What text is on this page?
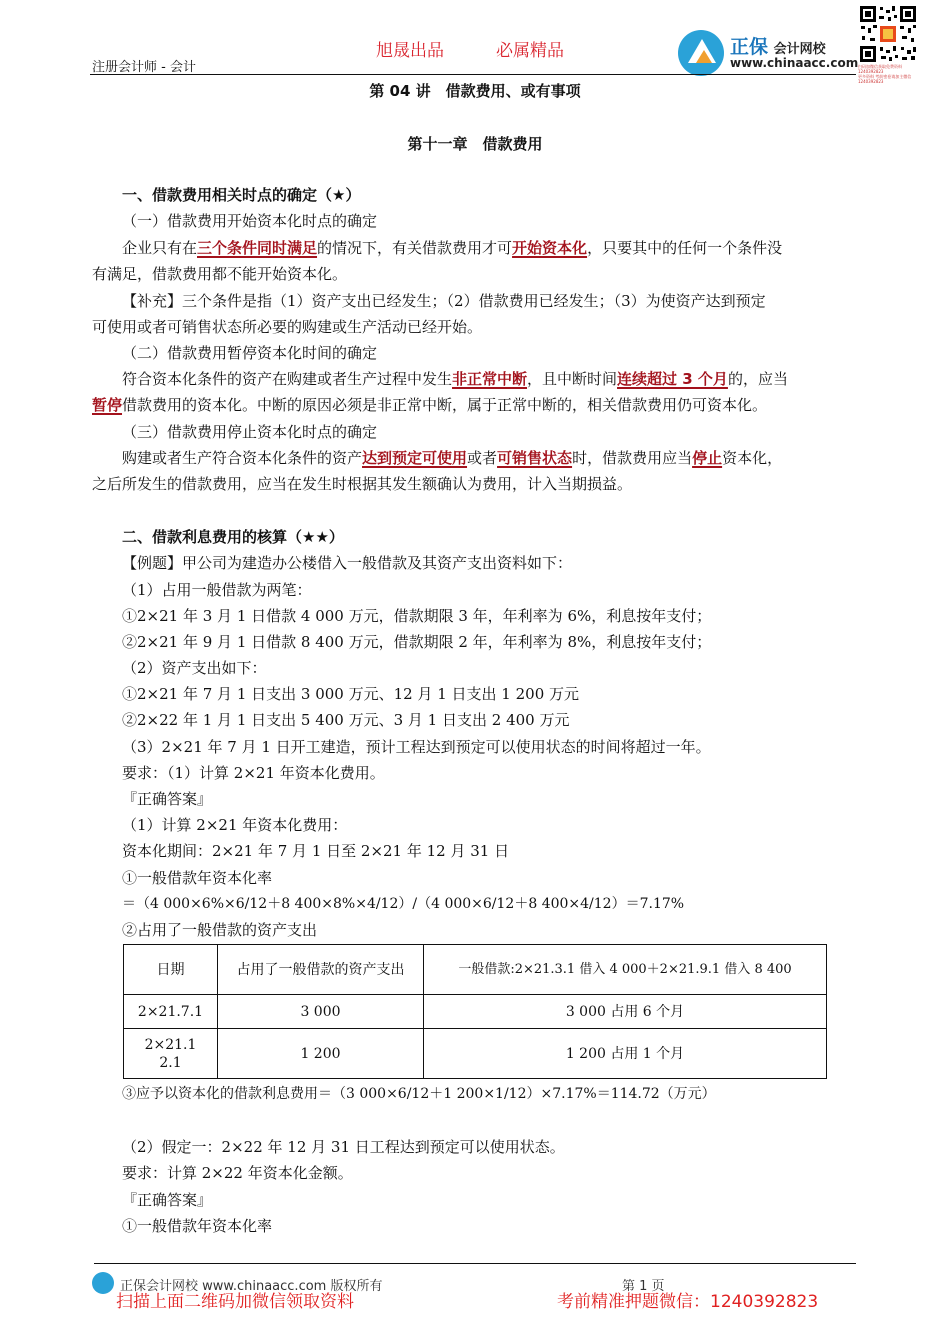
注册会计师 - 会计
旭晟出品	必属精品	正保 会计网校
www.chinaacc.com 扫码加微信获取免费资料 1240392823
更多资料 考前密卷请加主微信 1240392823
第 04 讲　借款费用、或有事项
第十一章　借款费用
一、借款费用相关时点的确定（★）
（一）借款费用开始资本化时点的确定
企业只有在三个条件同时满足的情况下，有关借款费用才可开始资本化，只要其中的任何一个条件没
有满足，借款费用都不能开始资本化。
【补充】三个条件是指（1）资产支出已经发生；（2）借款费用已经发生；（3）为使资产达到预定
可使用或者可销售状态所必要的购建或生产活动已经开始。
（二）借款费用暂停资本化时间的确定
符合资本化条件的资产在购建或者生产过程中发生非正常中断，且中断时间连续超过 3 个月的，应当
暂停借款费用的资本化。中断的原因必须是非正常中断，属于正常中断的，相关借款费用仍可资本化。
（三）借款费用停止资本化时点的确定
购建或者生产符合资本化条件的资产达到预定可使用或者可销售状态时，借款费用应当停止资本化，
之后所发生的借款费用，应当在发生时根据其发生额确认为费用，计入当期损益。
二、借款利息费用的核算（★★）
【例题】甲公司为建造办公楼借入一般借款及其资产支出资料如下：
（1）占用一般借款为两笔：
①2×21 年 3 月 1 日借款 4 000 万元，借款期限 3 年，年利率为 6%，利息按年支付；
②2×21 年 9 月 1 日借款 8 400 万元，借款期限 2 年，年利率为 8%，利息按年支付；
（2）资产支出如下：
①2×21 年 7 月 1 日支出 3 000 万元、12 月 1 日支出 1 200 万元
②2×22 年 1 月 1 日支出 5 400 万元、3 月 1 日支出 2 400 万元
（3）2×21 年 7 月 1 日开工建造，预计工程达到预定可以使用状态的时间将超过一年。
要求：（1）计算 2×21 年资本化费用。
『正确答案』
（1）计算 2×21 年资本化费用：
资本化期间：2×21 年 7 月 1 日至 2×21 年 12 月 31 日
①一般借款年资本化率
＝（4 000×6%×6/12＋8 400×8%×4/12）/（4 000×6/12＋8 400×4/12）＝7.17%
②占用了一般借款的资产支出
日期	占用了一般借款的资产支出	一般借款:2×21.3.1 借入 4 000＋2×21.9.1 借入 8 400
2×21.7.1	3 000	3 000 占用 6 个月
2×21.12.1	1 200	1 200 占用 1 个月
③应予以资本化的借款利息费用＝（3 000×6/12＋1 200×1/12）×7.17%＝114.72（万元）
（2）假定一：2×22 年 12 月 31 日工程达到预定可以使用状态。
要求：计算 2×22 年资本化金额。
『正确答案』
①一般借款年资本化率
正保会计网校 www.chinaacc.com 版权所有	第 1 页
扫描上面二维码加微信领取资料	考前精准押题微信：1240392823
